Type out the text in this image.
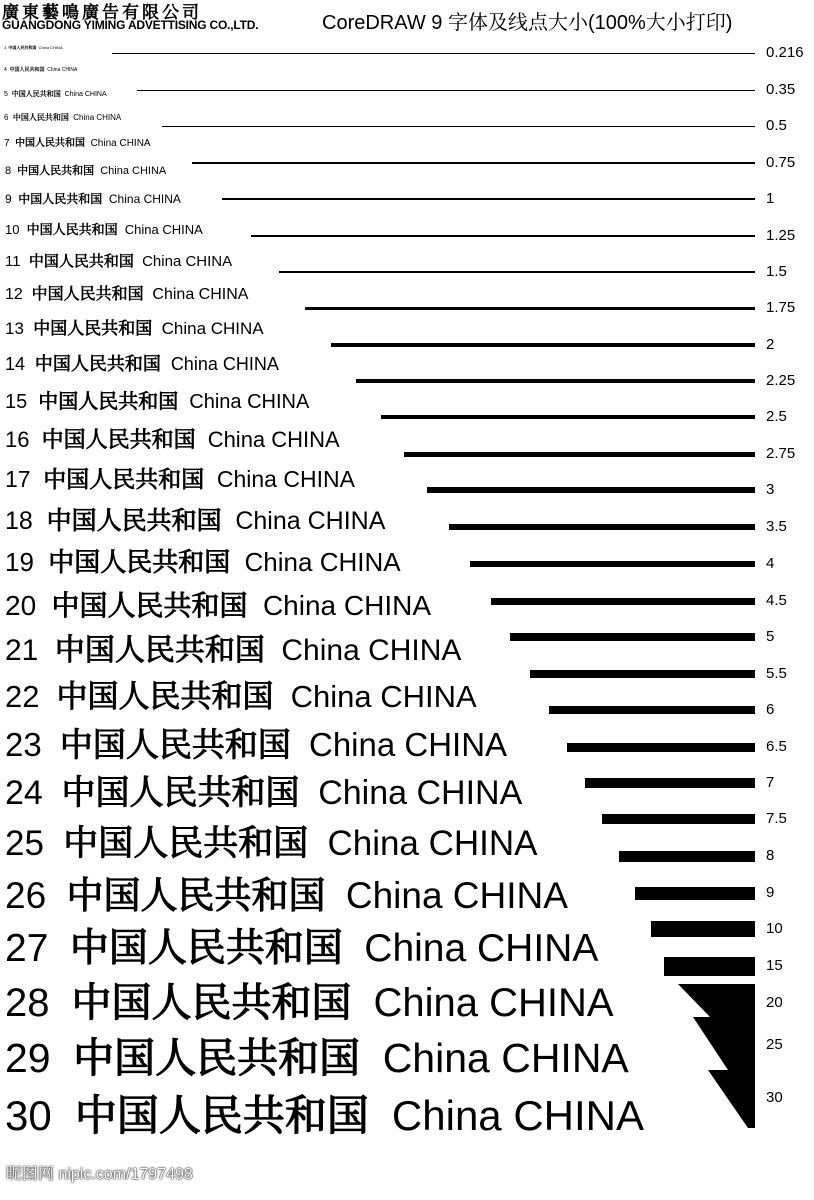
廣東藝鳴廣告有限公司
GUANGDONG YIMING ADVETTISING CO.,LTD.	CoreDRAW 9 字体及线点大小(100%大小打印)
3 中国人民共和国 China CHINA
4 中国人民共和国 China CHINA
5 中国人民共和国 China CHINA
6 中国人民共和国 China CHINA
7 中国人民共和国 China CHINA
8 中国人民共和国 China CHINA
9 中国人民共和国 China CHINA
10 中国人民共和国 China CHINA
11 中国人民共和国 China CHINA
12 中国人民共和国 China CHINA
13 中国人民共和国 China CHINA
14 中国人民共和国 China CHINA
15 中国人民共和国 China CHINA
16 中国人民共和国 China CHINA
17 中国人民共和国 China CHINA
18 中国人民共和国 China CHINA
19 中国人民共和国 China CHINA
20 中国人民共和国 China CHINA
21 中国人民共和国 China CHINA
22 中国人民共和国 China CHINA
23 中国人民共和国 China CHINA
24 中国人民共和国 China CHINA
25 中国人民共和国 China CHINA
26 中国人民共和国 China CHINA
27 中国人民共和国 China CHINA
28 中国人民共和国 China CHINA
29 中国人民共和国 China CHINA
30 中国人民共和国 China CHINA
0.216
0.35
0.5
0.75
1
1.25
1.5
1.75
2
2.25
2.5
2.75
3
3.5
4
4.5
5
5.5
6
6.5
7
7.5
8
9
10
15
20
25
30
昵图网 nipic.com/1797498
